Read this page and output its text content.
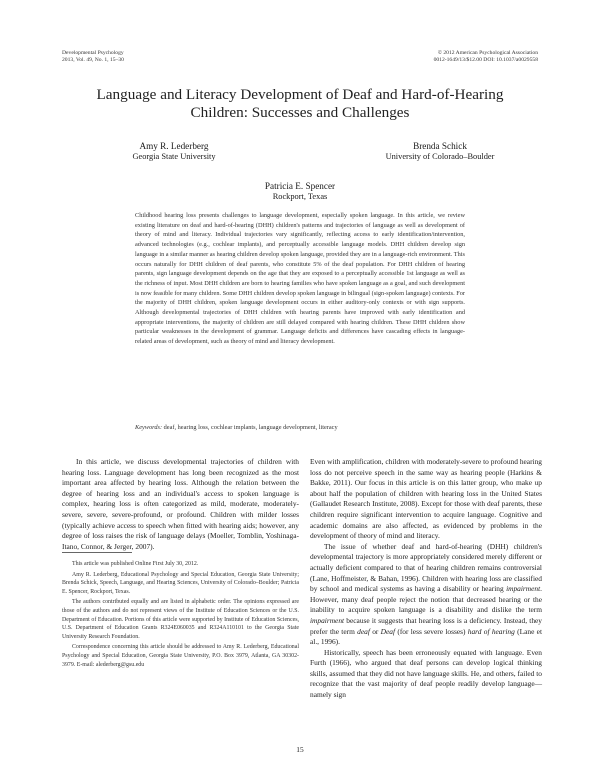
Developmental Psychology
2013, Vol. 49, No. 1, 15–30
© 2012 American Psychological Association
0012-1649/13/$12.00 DOI: 10.1037/a0029558
Language and Literacy Development of Deaf and Hard-of-Hearing
Children: Successes and Challenges
Amy R. Lederberg
Georgia State University
Brenda Schick
University of Colorado–Boulder
Patricia E. Spencer
Rockport, Texas
Childhood hearing loss presents challenges to language development, especially spoken language. In this article, we review existing literature on deaf and hard-of-hearing (DHH) children's patterns and trajectories of language as well as development of theory of mind and literacy. Individual trajectories vary significantly, reflecting access to early identification/intervention, advanced technologies (e.g., cochlear implants), and perceptually accessible language models. DHH children develop sign language in a similar manner as hearing children develop spoken language, provided they are in a language-rich environment. This occurs naturally for DHH children of deaf parents, who constitute 5% of the deaf population. For DHH children of hearing parents, sign language development depends on the age that they are exposed to a perceptually accessible 1st language as well as the richness of input. Most DHH children are born to hearing families who have spoken language as a goal, and such development is now feasible for many children. Some DHH children develop spoken language in bilingual (sign-spoken language) contexts. For the majority of DHH children, spoken language development occurs in either auditory-only contexts or with sign supports. Although developmental trajectories of DHH children with hearing parents have improved with early identification and appropriate interventions, the majority of children are still delayed compared with hearing children. These DHH children show particular weaknesses in the development of grammar. Language deficits and differences have cascading effects in language-related areas of development, such as theory of mind and literacy development.
Keywords: deaf, hearing loss, cochlear implants, language development, literacy

In this article, we discuss developmental trajectories of children with hearing loss. Language development has long been recognized as the most important area affected by hearing loss. Although the relation between the degree of hearing loss and an individual's access to spoken language is complex, hearing loss is often categorized as mild, moderate, moderately-severe, severe, severe-profound, or profound. Children with milder losses (typically achieve access to speech when fitted with hearing aids; however, any degree of loss raises the risk of language delays (Moeller, Tomblin, Yoshinaga-Itano, Connor, & Jerger, 2007).

This article was published Online First July 30, 2012.

Amy R. Lederberg, Educational Psychology and Special Education, Georgia State University; Brenda Schick, Speech, Language, and Hearing Sciences, University of Colorado–Boulder; Patricia E. Spencer, Rockport, Texas.

The authors contributed equally and are listed in alphabetic order. The opinions expressed are those of the authors and do not represent views of the Institute of Education Sciences or the U.S. Department of Education. Portions of this article were supported by Institute of Education Sciences, U.S. Department of Education Grants R324E060035 and R324A110101 to the Georgia State University Research Foundation.

Correspondence concerning this article should be addressed to Amy R. Lederberg, Educational Psychology and Special Education, Georgia State University, P.O. Box 3979, Atlanta, GA 30302-3979. E-mail: alederberg@gsu.edu

Even with amplification, children with moderately-severe to profound hearing loss do not perceive speech in the same way as hearing people (Harkins & Bakke, 2011). Our focus in this article is on this latter group, who make up about half the population of children with hearing loss in the United States (Gallaudet Research Institute, 2008). Except for those with deaf parents, these children require significant intervention to acquire language. Cognitive and academic domains are also affected, as evidenced by problems in the development of theory of mind and literacy.

The issue of whether deaf and hard-of-hearing (DHH) children's developmental trajectory is more appropriately considered merely different or actually deficient compared to that of hearing children remains controversial (Lane, Hoffmeister, & Bahan, 1996). Children with hearing loss are classified by school and medical systems as having a disability or hearing impairment. However, many deaf people reject the notion that decreased hearing or the inability to acquire spoken language is a disability and dislike the term impairment because it suggests that hearing loss is a deficiency. Instead, they prefer the term deaf or Deaf (for less severe losses) hard of hearing (Lane et al., 1996).

Historically, speech has been erroneously equated with language. Even Furth (1966), who argued that deaf persons can develop logical thinking skills, assumed that they did not have language skills. He, and others, failed to recognize that the vast majority of deaf people readily develop language—namely sign

15
